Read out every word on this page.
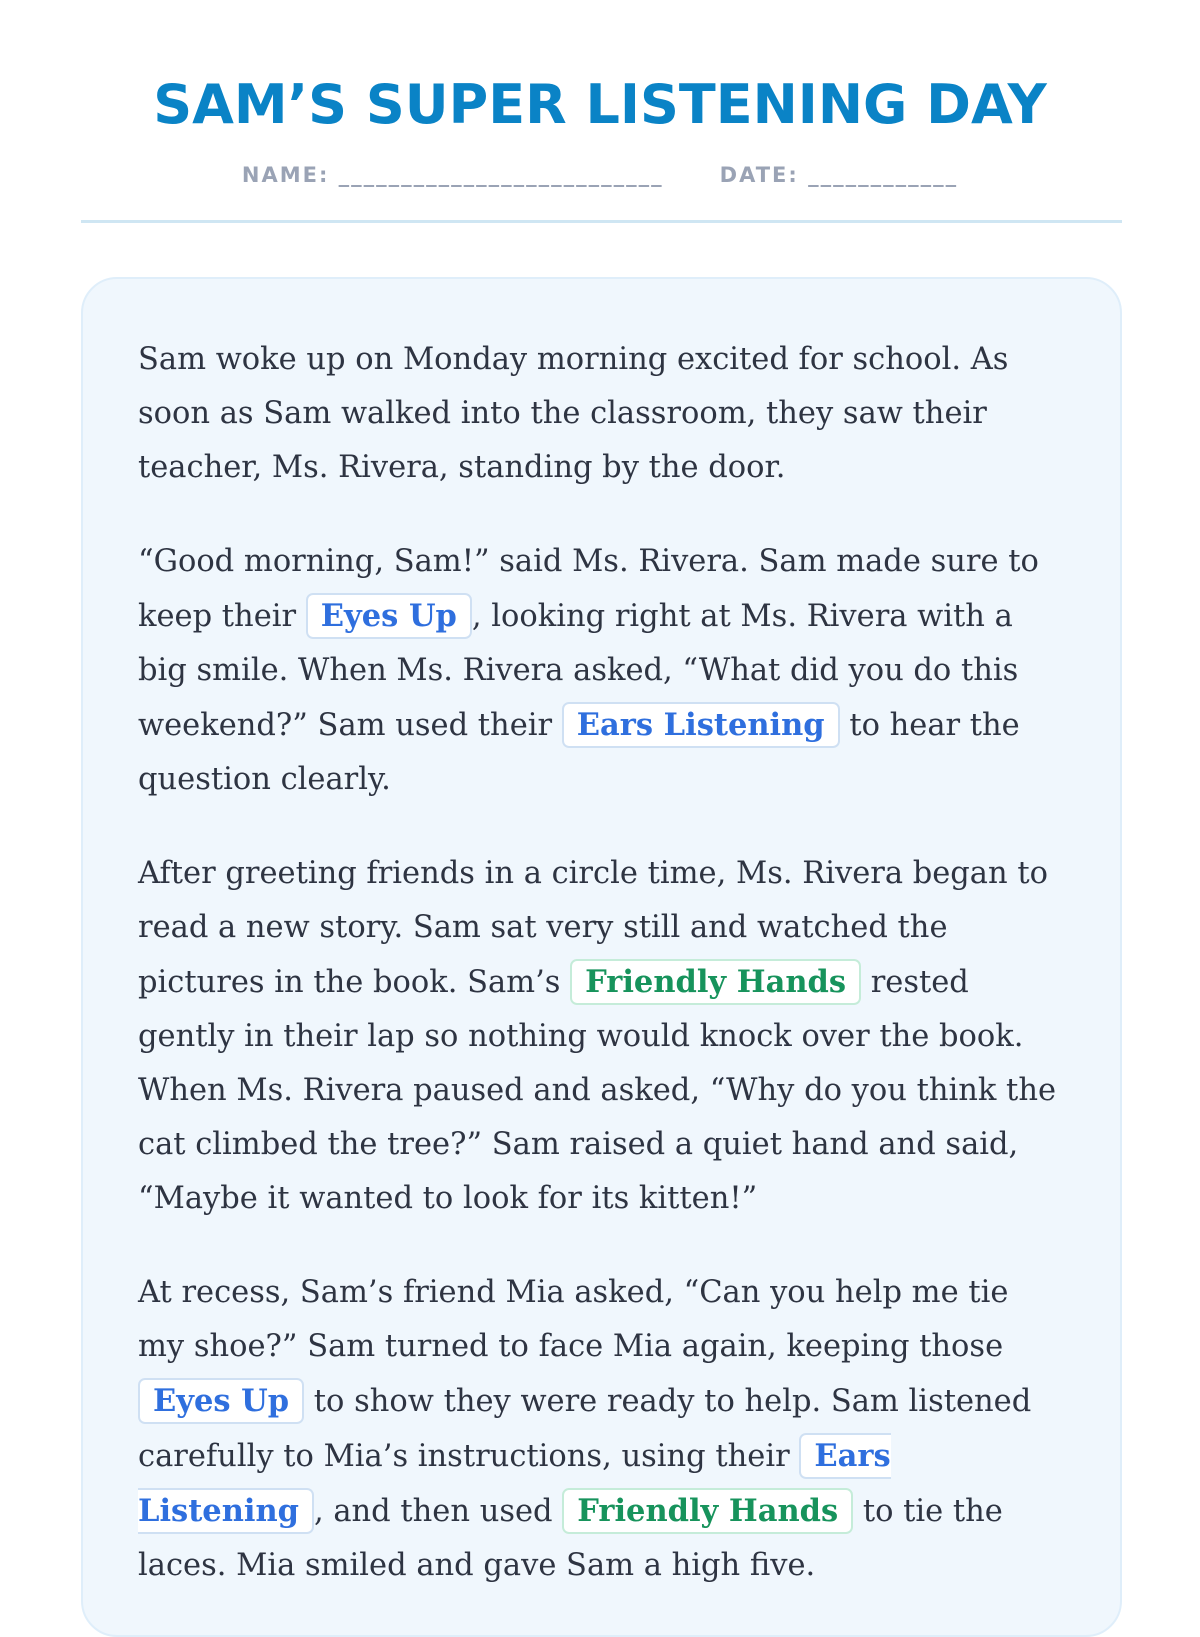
SAM’S SUPER LISTENING DAY
NAME: __________________________	DATE: ____________

Sam woke up on Monday morning excited for school. As soon as Sam walked into the classroom, they saw their teacher, Ms. Rivera, standing by the door.

“Good morning, Sam!” said Ms. Rivera. Sam made sure to keep their Eyes Up , looking right at Ms. Rivera with a big smile. When Ms. Rivera asked, “What did you do this weekend?” Sam used their Ears Listening to hear the question clearly.

After greeting friends in a circle time, Ms. Rivera began to read a new story. Sam sat very still and watched the pictures in the book. Sam’s Friendly Hands rested gently in their lap so nothing would knock over the book. When Ms. Rivera paused and asked, “Why do you think the cat climbed the tree?” Sam raised a quiet hand and said, “Maybe it wanted to look for its kitten!”

At recess, Sam’s friend Mia asked, “Can you help me tie my shoe?” Sam turned to face Mia again, keeping those Eyes Up to show they were ready to help. Sam listened carefully to Mia’s instructions, using their Ears Listening , and then used Friendly Hands to tie the laces. Mia smiled and gave Sam a high five.
